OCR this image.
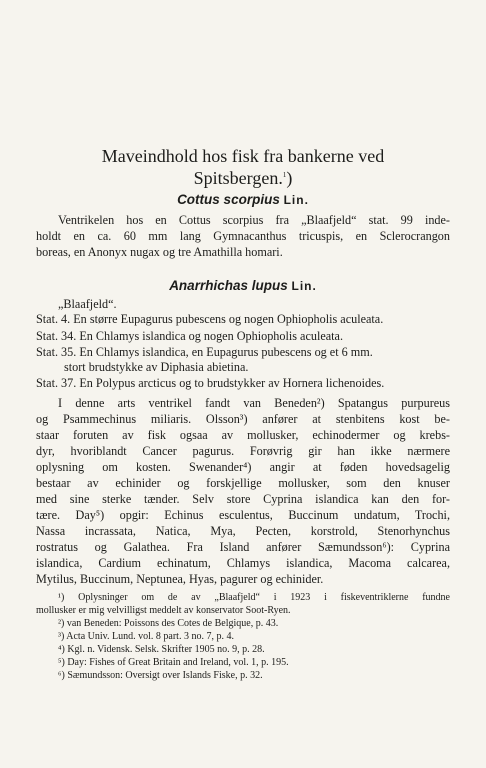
Maveindhold hos fisk fra bankerne ved
Spitsbergen.$^1$)
Cottus scorpius Lin.
Ventrikelen hos en Cottus scorpius fra „Blaafjeld“ stat. 99 inde-
holdt en ca. 60 mm lang Gymnacanthus tricuspis, en Sclerocrangon
boreas, en Anonyx nugax og tre Amathilla homari.
Anarrhichas lupus Lin.
„Blaafjeld“.
Stat. 4. En større Eupagurus pubescens og nogen Ophiopholis aculeata.
Stat. 34. En Chlamys islandica og nogen Ophiopholis aculeata.
Stat. 35. En Chlamys islandica, en Eupagurus pubescens og et 6 mm.
stort brudstykke av Diphasia abietina.
Stat. 37. En Polypus arcticus og to brudstykker av Hornera lichenoides.
I denne arts ventrikel fandt van Beneden²) Spatangus purpureus
og Psammechinus miliaris. Olsson³) anfører at stenbitens kost be-
staar foruten av fisk ogsaa av mollusker, echinodermer og krebs-
dyr, hvoriblandt Cancer pagurus. Forøvrig gir han ikke nærmere
oplysning om kosten. Swenander⁴) angir at føden hovedsagelig
bestaar av echinider og forskjellige mollusker, som den knuser
med sine sterke tænder. Selv store Cyprina islandica kan den for-
tære. Day⁵) opgir: Echinus esculentus, Buccinum undatum, Trochi,
Nassa incrassata, Natica, Mya, Pecten, korstrold, Stenorhynchus
rostratus og Galathea. Fra Island anfører Sæmundsson⁶): Cyprina
islandica, Cardium echinatum, Chlamys islandica, Macoma calcarea,
Mytilus, Buccinum, Neptunea, Hyas, pagurer og echinider.
¹) Oplysninger om de av „Blaafjeld“ i 1923 i fiskeventriklerne fundne
mollusker er mig velvilligst meddelt av konservator Soot-Ryen.
²) van Beneden: Poissons des Cotes de Belgique, p. 43.
³) Acta Univ. Lund. vol. 8 part. 3 no. 7, p. 4.
⁴) Kgl. n. Vidensk. Selsk. Skrifter 1905 no. 9, p. 28.
⁵) Day: Fishes of Great Britain and Ireland, vol. 1, p. 195.
⁶) Sæmundsson: Oversigt over Islands Fiske, p. 32.
